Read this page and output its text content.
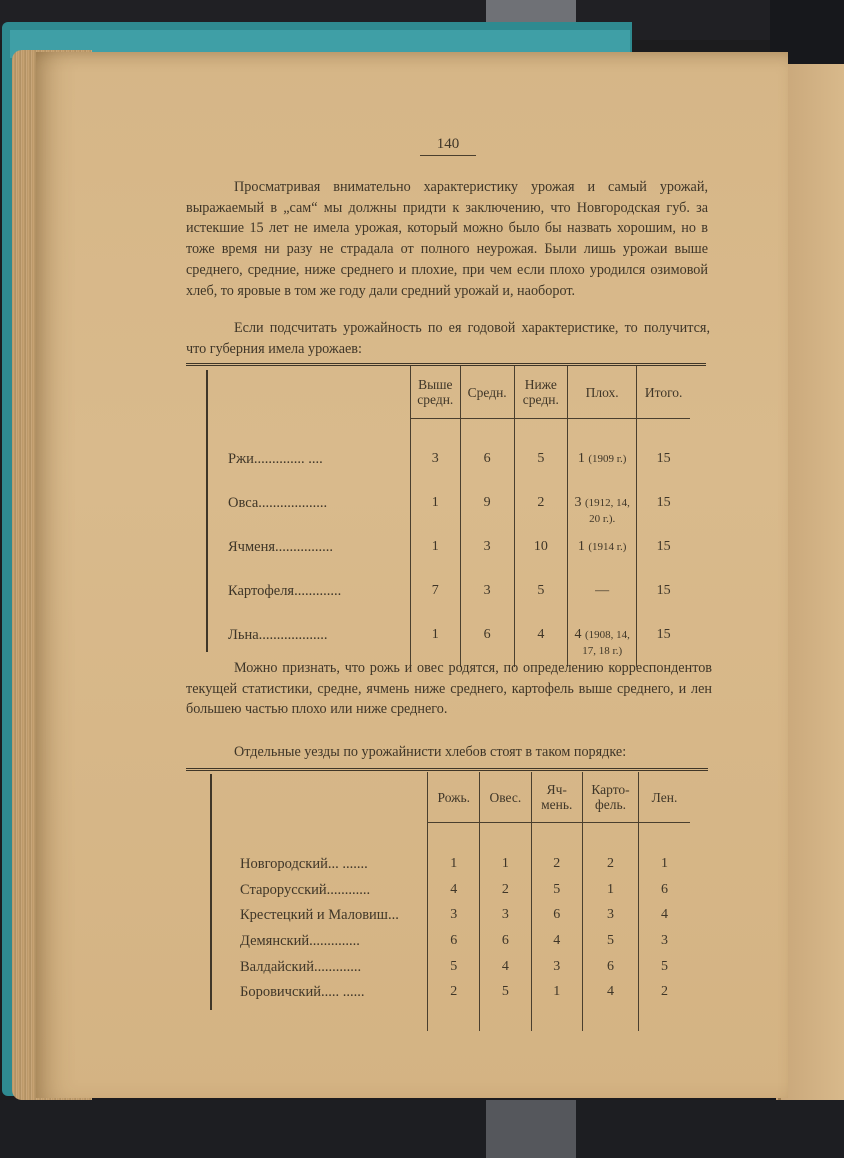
140

Просматривая внимательно характеристику урожая и самый урожай, выражаемый в „сам“ мы должны придти к заключению, что Новгородская губ. за истекшие 15 лет не имела урожая, который можно было бы назвать хорошим, но в тоже время ни разу не страдала от полного неурожая. Были лишь урожаи выше среднего, средние, ниже среднего и плохие, при чем если плохо уродился озимовой хлеб, то яровые в том же году дали средний урожай и, наоборот.

Если подсчитать урожайность по ея годовой характеристике, то получится, что губерния имела урожаев:

	Выше средн.	Средн.	Ниже средн.	Плох.	Итого.

Ржи.............. ....	3	6	5	1 (1909 г.)	15
Овса...................	1	9	2	3 (1912, 14, 20 г.).	15
Ячменя................	1	3	10	1 (1914 г.)	15
Картофеля.............	7	3	5	—	15
Льна...................	1	6	4	4 (1908, 14, 17, 18 г.)	15

Можно признать, что рожь и овес родятся, по определению корреспондентов текущей статистики, средне, ячмень ниже среднего, картофель выше среднего, и лен большею частью плохо или ниже среднего.

Отдельные уезды по урожайнисти хлебов стоят в таком порядке:

	Рожь.	Овес.	Яч- мень.	Карто- фель.	Лен.

Новгородский... .......	1	1	2	2	1
Старорусский............	4	2	5	1	6
Крестецкий и Маловиш...	3	3	6	3	4
Демянский..............	6	6	4	5	3
Валдайский.............	5	4	3	6	5
Боровичский..... ......	2	5	1	4	2
